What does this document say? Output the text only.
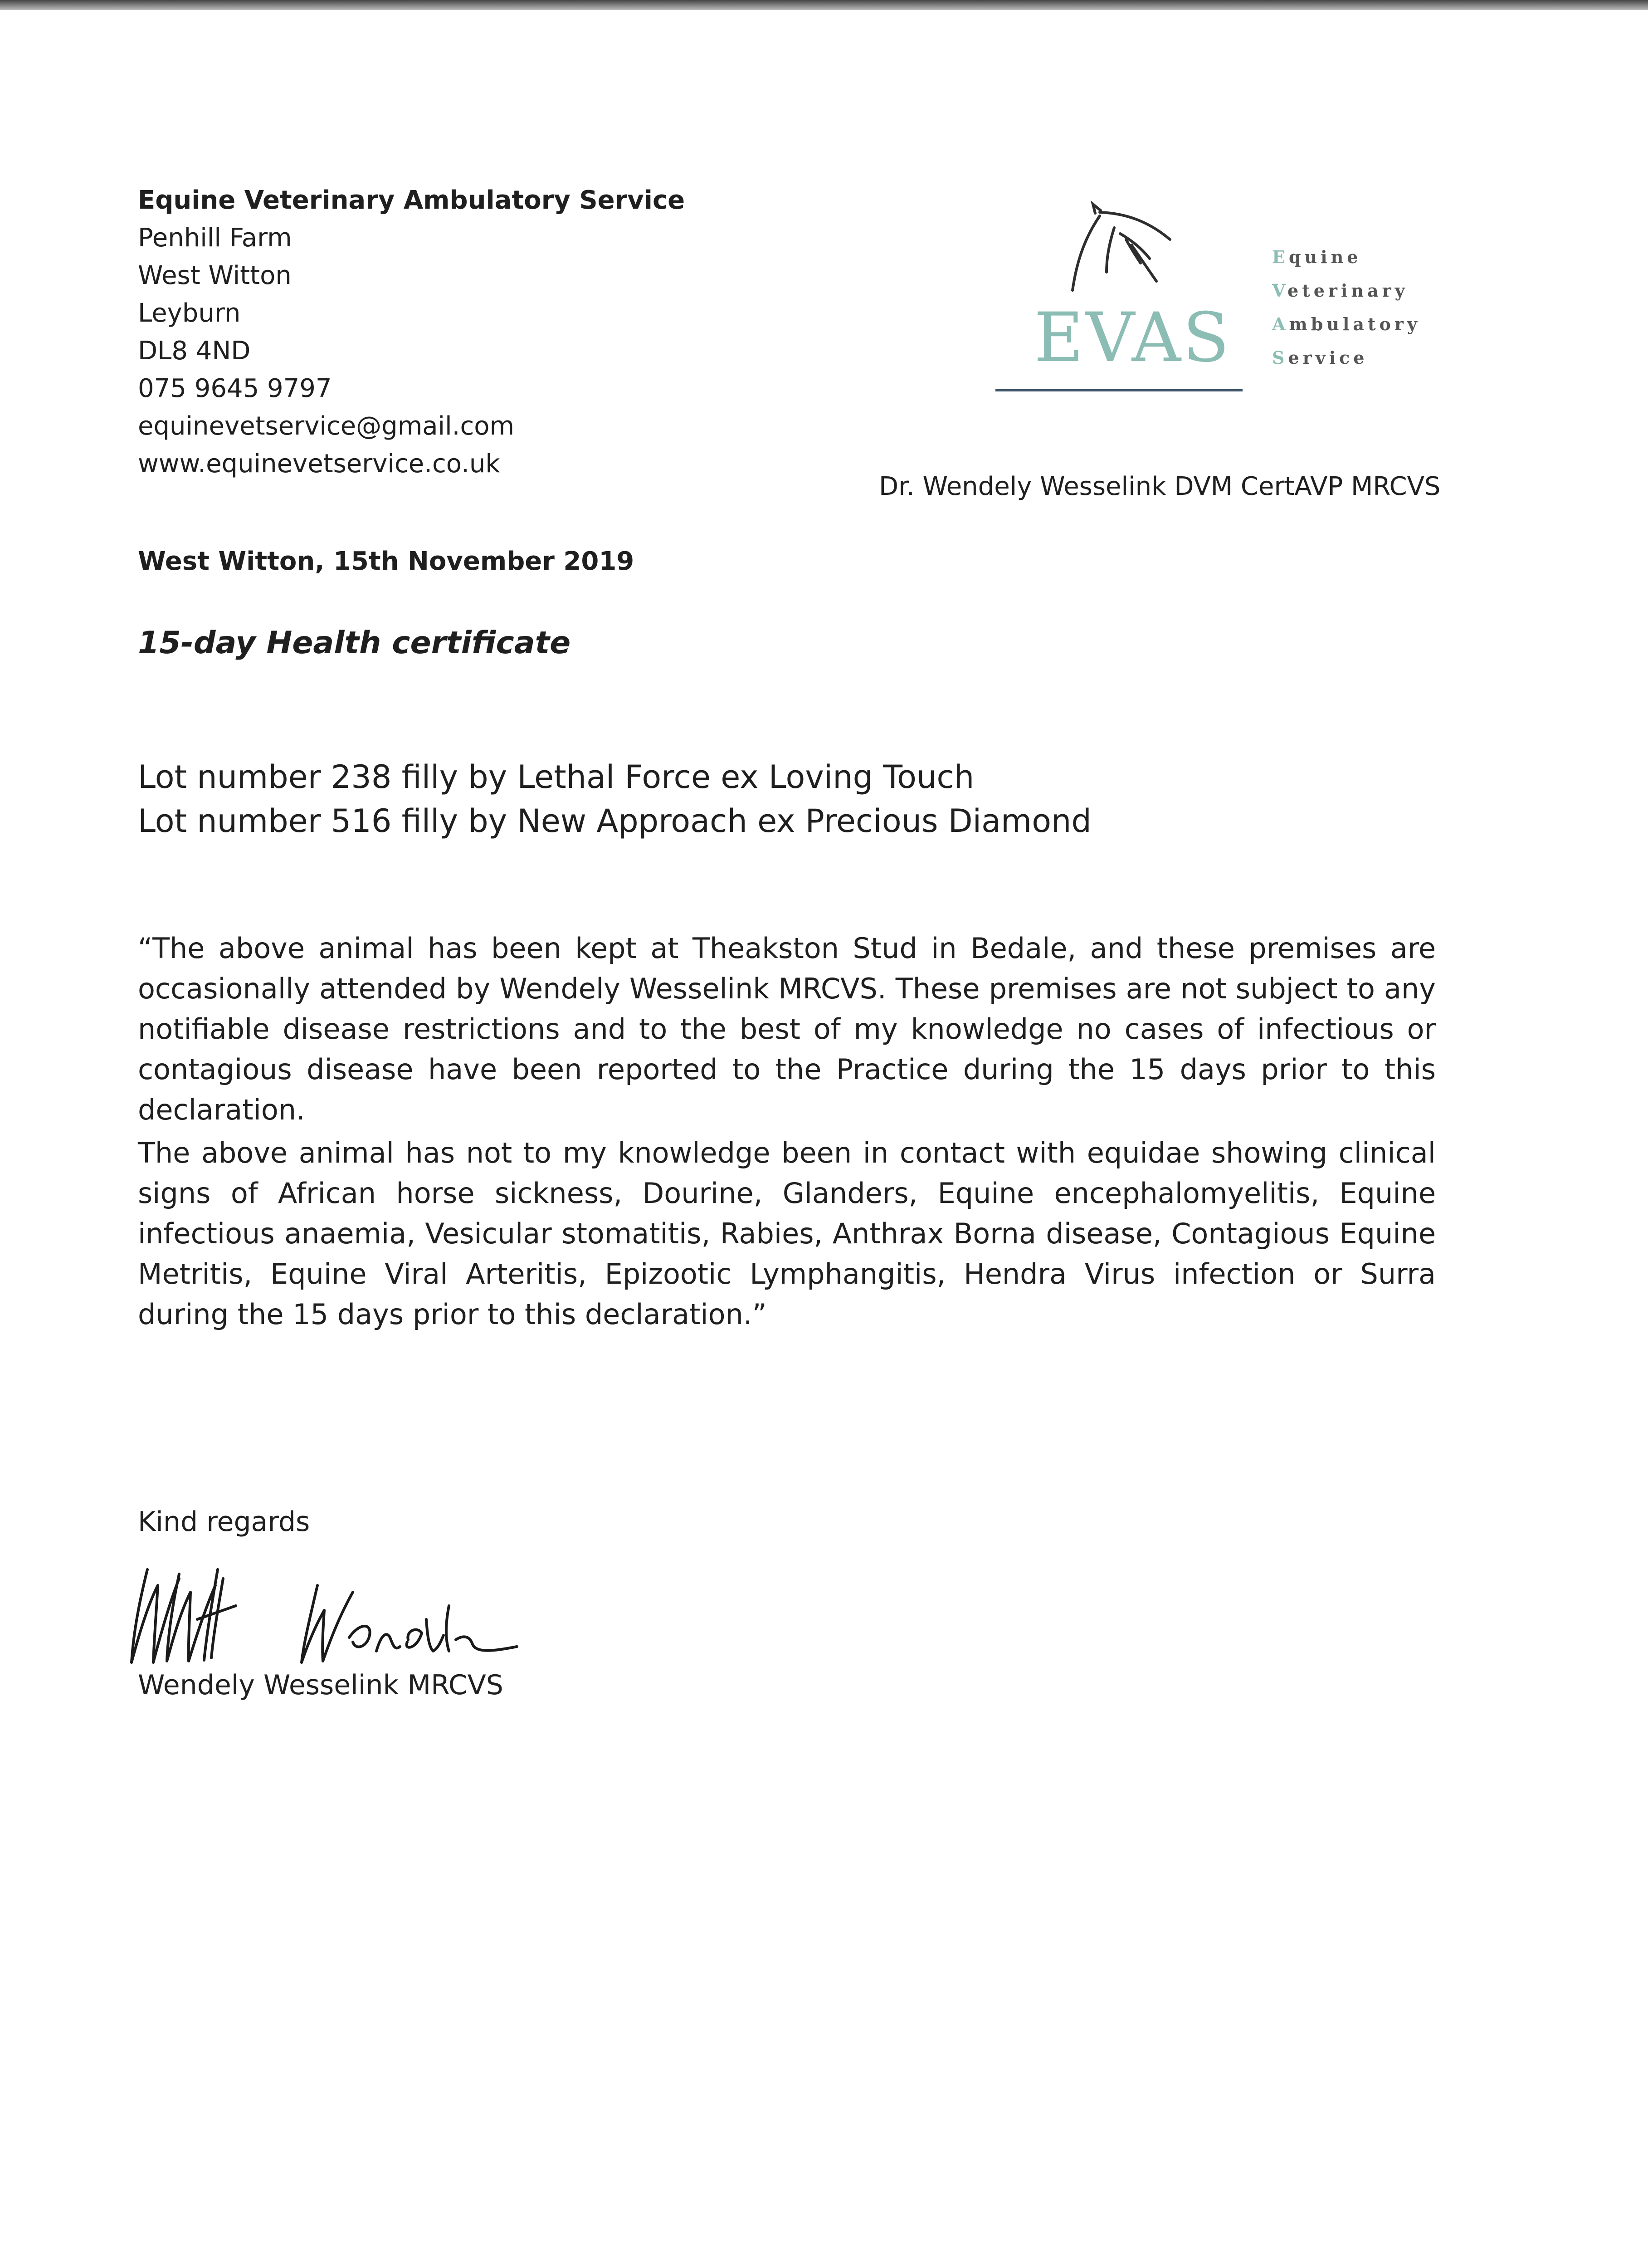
Equine Veterinary Ambulatory Service
Penhill Farm
West Witton
Leyburn
DL8 4ND
075 9645 9797
equinevetservice@gmail.com
www.equinevetservice.co.uk
EVAS
Equine
Veterinary
Ambulatory
Service
Dr. Wendely Wesselink DVM CertAVP MRCVS
West Witton, 15th November 2019
15-day Health certificate
Lot number 238 filly by Lethal Force ex Loving Touch
Lot number 516 filly by New Approach ex Precious Diamond
“The above animal has been kept at Theakston Stud in Bedale, and these premises are occasionally attended by Wendely Wesselink MRCVS. These premises are not subject to any notifiable disease restrictions and to the best of my knowledge no cases of infectious or contagious disease have been reported to the Practice during the 15 days prior to this declaration.
The above animal has not to my knowledge been in contact with equidae showing clinical signs of African horse sickness, Dourine, Glanders, Equine encephalomyelitis, Equine infectious anaemia, Vesicular stomatitis, Rabies, Anthrax Borna disease, Contagious Equine Metritis, Equine Viral Arteritis, Epizootic Lymphangitis, Hendra Virus infection or Surra during the 15 days prior to this declaration.”
Kind regards
Wendely Wesselink MRCVS
